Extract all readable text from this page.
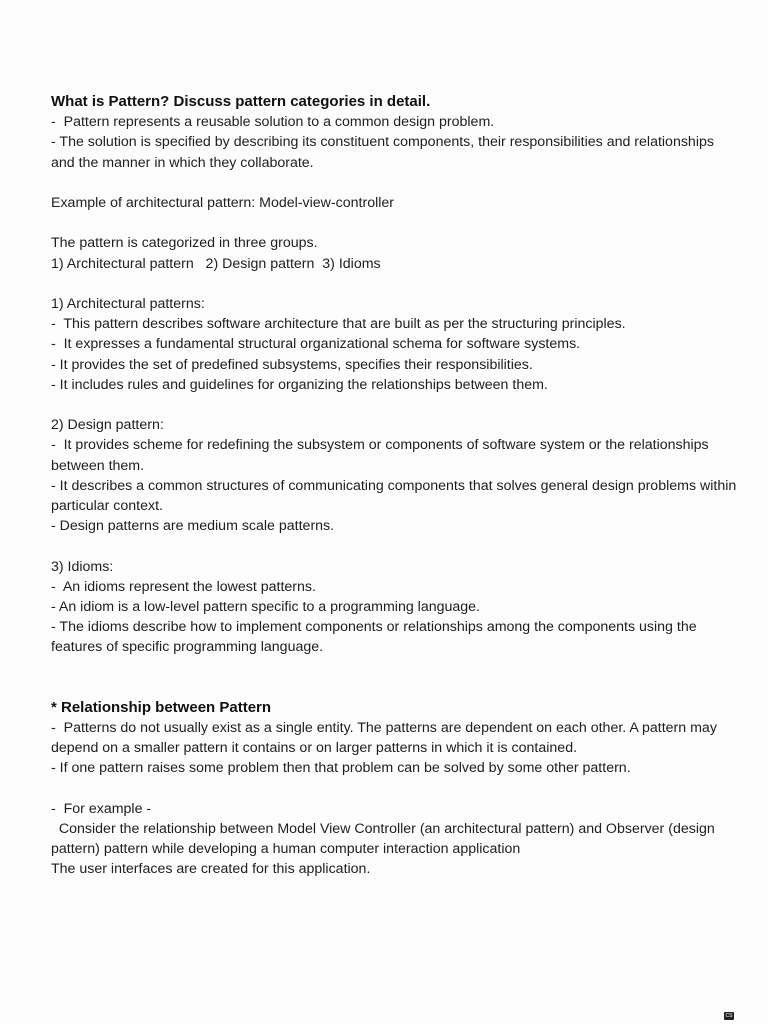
What is Pattern? Discuss pattern categories in detail.
-  Pattern represents a reusable solution to a common design problem.
- The solution is specified by describing its constituent components, their responsibilities and relationships and the manner in which they collaborate.
Example of architectural pattern: Model-view-controller
The pattern is categorized in three groups.
1) Architectural pattern   2) Design pattern  3) Idioms
1) Architectural patterns:
-  This pattern describes software architecture that are built as per the structuring principles.
-  It expresses a fundamental structural organizational schema for software systems.
- It provides the set of predefined subsystems, specifies their responsibilities.
- It includes rules and guidelines for organizing the relationships between them.
2) Design pattern:
-  It provides scheme for redefining the subsystem or components of software system or the relationships between them.
- It describes a common structures of communicating components that solves general design problems within particular context.
- Design patterns are medium scale patterns.
3) Idioms:
-  An idioms represent the lowest patterns.
- An idiom is a low-level pattern specific to a programming language.
- The idioms describe how to implement components or relationships among the components using the features of specific programming language.
* Relationship between Pattern
-  Patterns do not usually exist as a single entity. The patterns are dependent on each other. A pattern may depend on a smaller pattern it contains or on larger patterns in which it is contained.
- If one pattern raises some problem then that problem can be solved by some other pattern.
-  For example -
Consider the relationship between Model View Controller (an architectural pattern) and Observer (design pattern) pattern while developing a human computer interaction application
The user interfaces are created for this application.
CS
